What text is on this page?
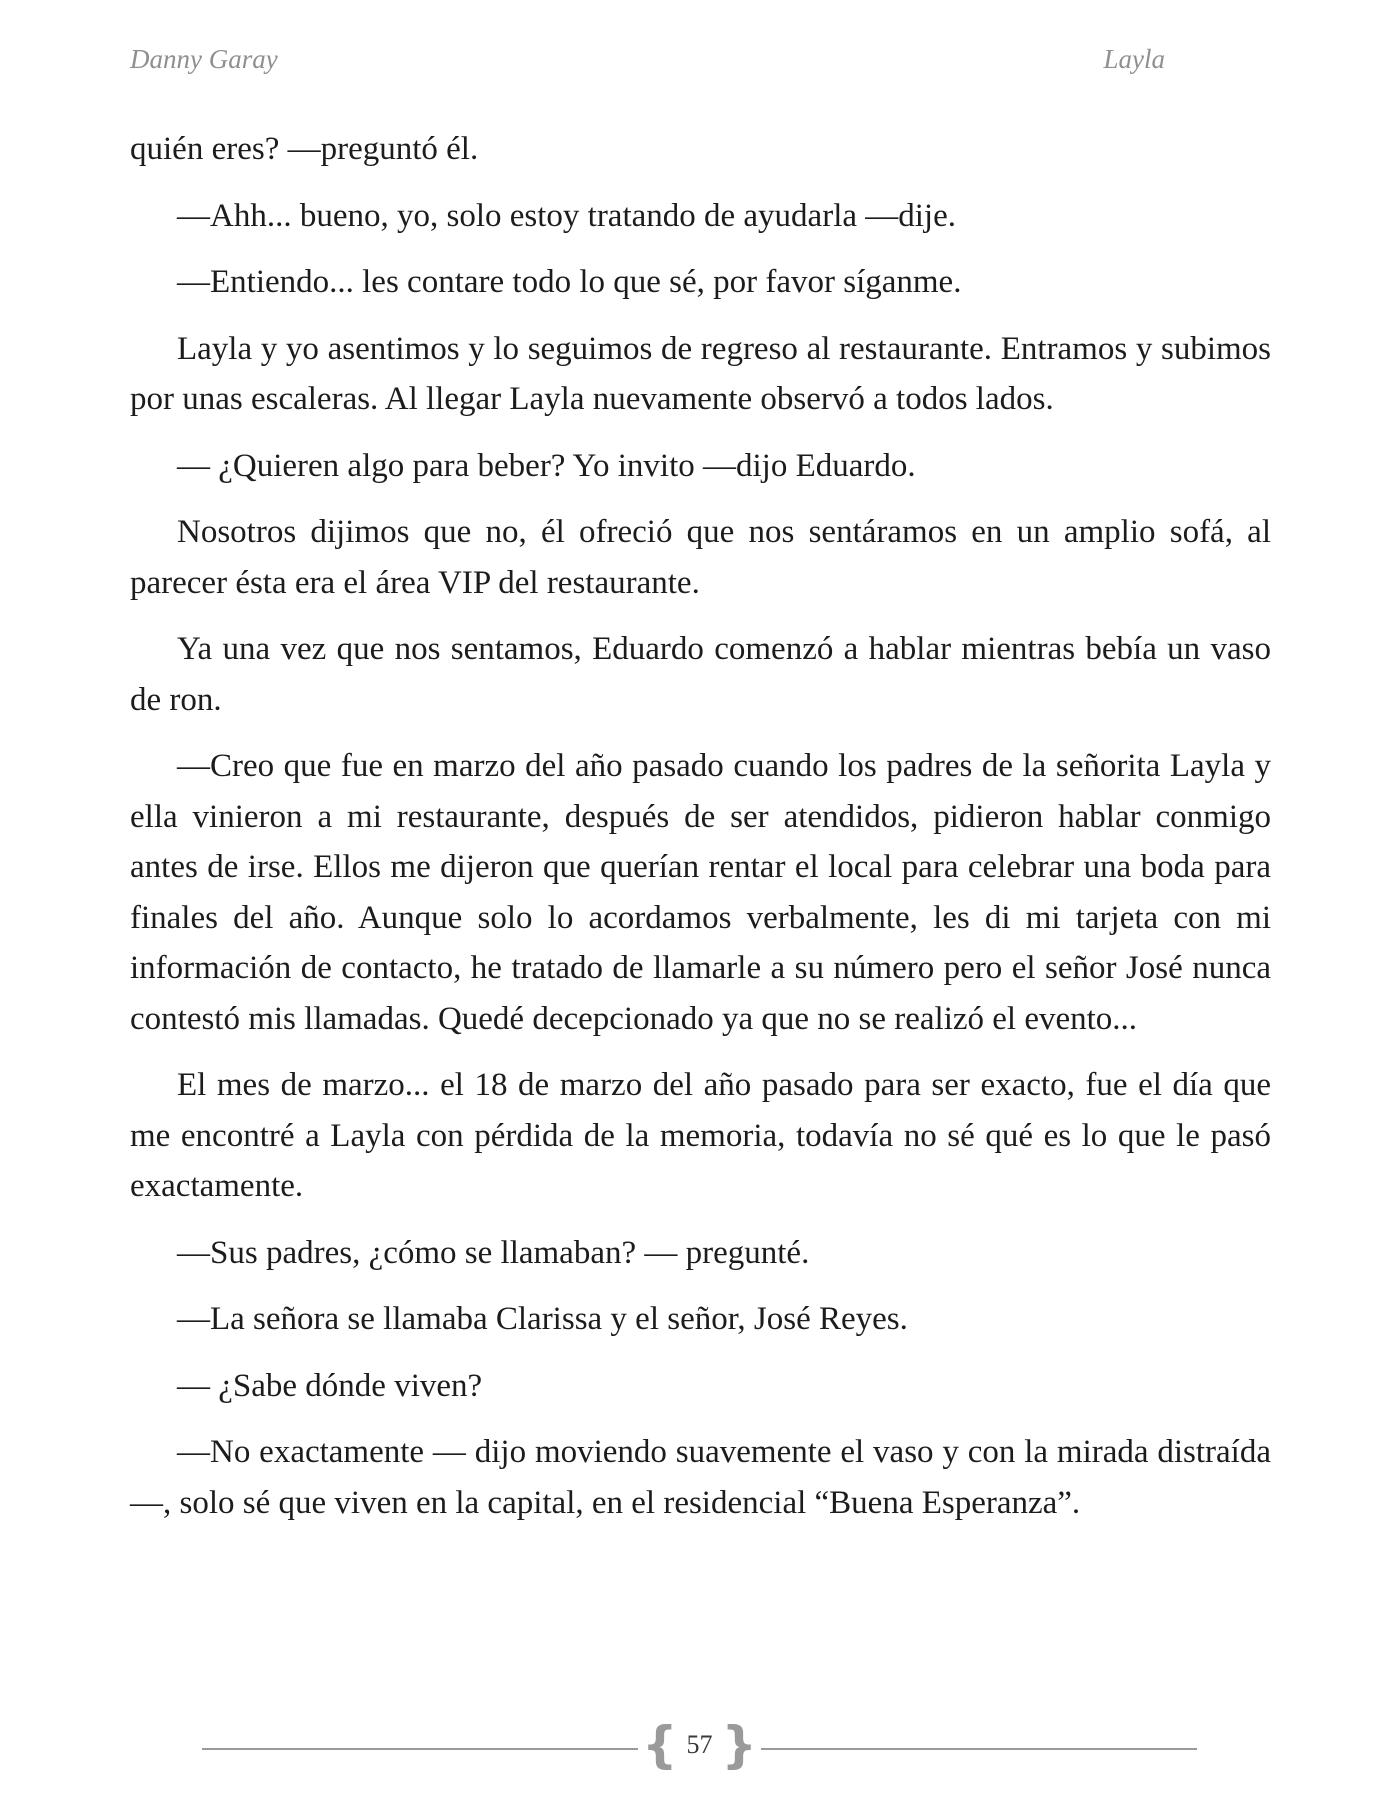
Danny Garay	Layla

quién eres? —preguntó él.

—Ahh... bueno, yo, solo estoy tratando de ayudarla —dije.

—Entiendo... les contare todo lo que sé, por favor síganme.

Layla y yo asentimos y lo seguimos de regreso al restaurante. Entramos y subimos por unas escaleras. Al llegar Layla nuevamente observó a todos lados.

— ¿Quieren algo para beber? Yo invito —dijo Eduardo.

Nosotros dijimos que no, él ofreció que nos sentáramos en un amplio sofá, al parecer ésta era el área VIP del restaurante.

Ya una vez que nos sentamos, Eduardo comenzó a hablar mientras bebía un vaso de ron.

—Creo que fue en marzo del año pasado cuando los padres de la señorita Layla y ella vinieron a mi restaurante, después de ser atendidos, pidieron hablar conmigo antes de irse. Ellos me dijeron que querían rentar el local para celebrar una boda para finales del año. Aunque solo lo acordamos verbalmente, les di mi tarjeta con mi información de contacto, he tratado de llamarle a su número pero el señor José nunca contestó mis llamadas. Quedé decepcionado ya que no se realizó el evento...

El mes de marzo... el 18 de marzo del año pasado para ser exacto, fue el día que me encontré a Layla con pérdida de la memoria, todavía no sé qué es lo que le pasó exactamente.

—Sus padres, ¿cómo se llamaban? — pregunté.

—La señora se llamaba Clarissa y el señor, José Reyes.

— ¿Sabe dónde viven?

—No exactamente — dijo moviendo suavemente el vaso y con la mirada distraída—, solo sé que viven en la capital, en el residencial “Buena Esperanza”.

{ 57 }
